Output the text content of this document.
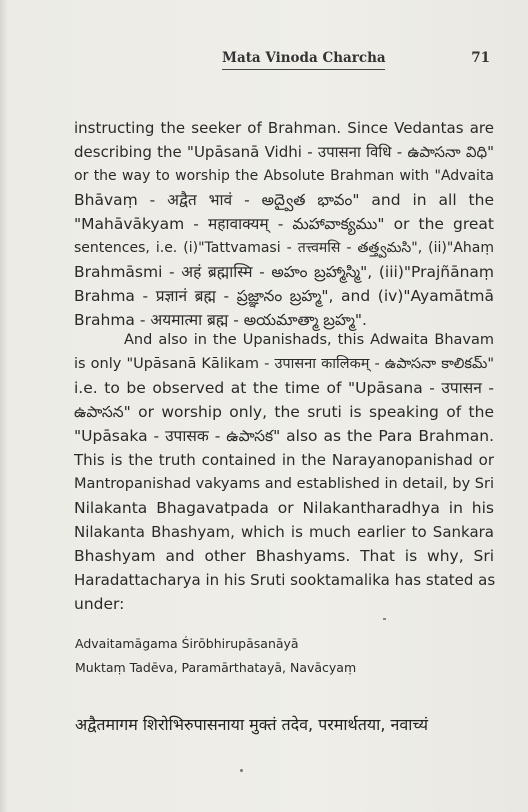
Mata Vinoda Charcha	71
instructing the seeker of Brahman. Since Vedantas are
describing the "Upāsanā Vidhi - उपासना विधि - ఉపాసనా విధి"
or the way to worship the Absolute Brahman with "Advaita
Bhāvaṃ - अद्वैत भावं - అద్వైత భావం" and in all the
"Mahāvākyam - महावाक्यम् - మహావాక్యము" or the great
sentences, i.e. (i)"Tattvamasi - तत्त्वमसि - తత్త్వమసి", (ii)"Ahaṃ
Brahmāsmi - अहं ब्रह्मास्मि - అహం బ్రహ్మాస్మి", (iii)"Prajñānaṃ
Brahma - प्रज्ञानं ब्रह्म - ప్రజ్ఞానం బ్రహ్మ", and (iv)"Ayamātmā
Brahma - अयमात्मा ब्रह्म - అయమాత్మా బ్రహ్మ".
And also in the Upanishads, this Adwaita Bhavam
is only "Upāsanā Kālikam - उपासना कालिकम् - ఉపాసనా కాలికమ్"
i.e. to be observed at the time of "Upāsana - उपासन -
ఉపాసన" or worship only, the sruti is speaking of the
"Upāsaka - उपासक - ఉపాసక" also as the Para Brahman.
This is the truth contained in the Narayanopanishad or
Mantropanishad vakyams and established in detail, by Sri
Nilakanta Bhagavatpada or Nilakantharadhya in his
Nilakanta Bhashyam, which is much earlier to Sankara
Bhashyam and other Bhashyams. That is why, Sri
Haradattacharya in his Sruti sooktamalika has stated as
under:
Advaitamāgama Śirōbhirupāsanāyā
Muktaṃ Tadēva, Paramārthatayā, Navācyaṃ
अद्वैतमागम शिरोभिरुपासनाया मुक्तं तदेव, परमार्थतया, नवाच्यं
